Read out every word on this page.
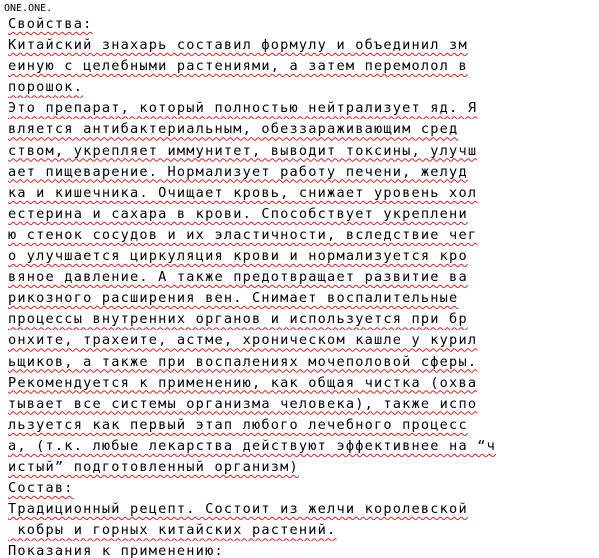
ONE.ONE.
Свойства:
Китайский знахарь составил формулу и объединил зм
еиную с целебными растениями, а затем перемолол в
порошок.
Это препарат, который полностью нейтрализует яд. Я
вляется антибактериальным, обеззараживающим сред
ством, укрепляет иммунитет, выводит токсины, улучш
ает пищеварение. Нормализует работу печени, желуд
ка и кишечника. Очищает кровь, снижает уровень хол
естерина и сахара в крови. Способствует укреплени
ю стенок сосудов и их эластичности, вследствие чег
о улучшается циркуляция крови и нормализуется кро
вяное давление. А также предотвращает развитие ва
рикозного расширения вен. Снимает воспалительные
процессы внутренних органов и используется при бр
онхите, трахеите, астме, хроническом кашле у курил
ьщиков, а также при воспалениях мочеполовой сферы.
Рекомендуется к применению, как общая чистка (охва
тывает все системы организма человека), также испо
льзуется как первый этап любого лечебного процесс
а, (т.к. любые лекарства действуют эффективнее на “ч
истый” подготовленный организм)
Состав:
Традиционный рецепт. Состоит из желчи королевской
кобры и горных китайских растений.
Показания к применению:
